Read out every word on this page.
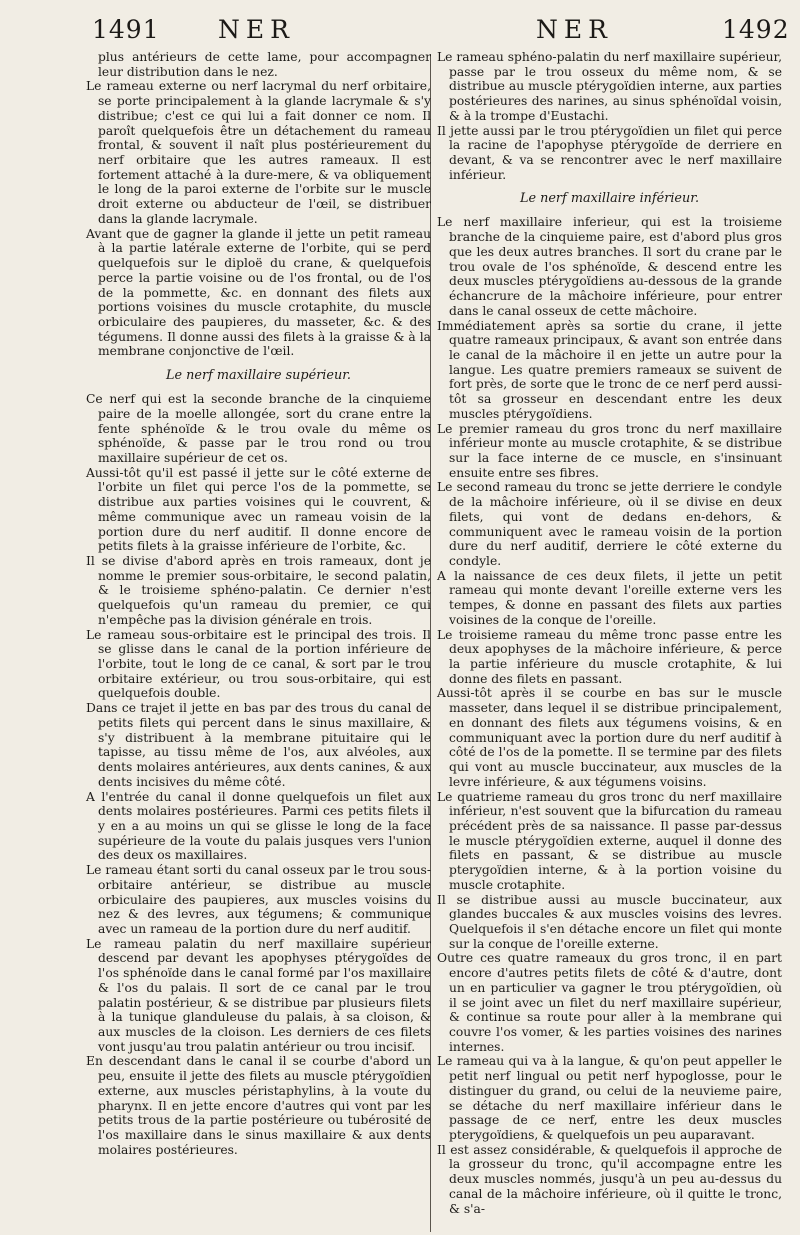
1491 NER	NER	1492

plus antérieurs de cette lame, pour accompagner leur distribution dans le nez.

Le rameau externe ou nerf lacrymal du nerf orbitaire, se porte principalement à la glande lacrymale & s'y distribue; c'est ce qui lui a fait donner ce nom. Il paroît quelquefois être un détachement du rameau frontal, & souvent il naît plus postérieurement du nerf orbitaire que les autres rameaux. Il est fortement attaché à la dure-mere, & va obliquement le long de la paroi externe de l'orbite sur le muscle droit externe ou abducteur de l'œil, se distribuer dans la glande lacrymale.

Avant que de gagner la glande il jette un petit rameau à la partie latérale externe de l'orbite, qui se perd quelquefois sur le diploë du crane, & quelquefois perce la partie voisine ou de l'os frontal, ou de l'os de la pommette, &c. en donnant des filets aux portions voisines du muscle crotaphite, du muscle orbiculaire des paupieres, du masseter, &c. & des tégumens. Il donne aussi des filets à la graisse & à la membrane conjonctive de l'œil.

Le nerf maxillaire supérieur.

Ce nerf qui est la seconde branche de la cinquieme paire de la moelle allongée, sort du crane entre la fente sphénoïde & le trou ovale du même os sphénoïde, & passe par le trou rond ou trou maxillaire supérieur de cet os.

Aussi-tôt qu'il est passé il jette sur le côté externe de l'orbite un filet qui perce l'os de la pommette, se distribue aux parties voisines qui le couvrent, & même communique avec un rameau voisin de la portion dure du nerf auditif. Il donne encore de petits filets à la graisse inférieure de l'orbite, &c.

Il se divise d'abord après en trois rameaux, dont je nomme le premier sous-orbitaire, le second palatin, & le troisieme sphéno-palatin. Ce dernier n'est quelquefois qu'un rameau du premier, ce qui n'empêche pas la division générale en trois.

Le rameau sous-orbitaire est le principal des trois. Il se glisse dans le canal de la portion inférieure de l'orbite, tout le long de ce canal, & sort par le trou orbitaire extérieur, ou trou sous-orbitaire, qui est quelquefois double.

Dans ce trajet il jette en bas par des trous du canal de petits filets qui percent dans le sinus maxillaire, & s'y distribuent à la membrane pituitaire qui le tapisse, au tissu même de l'os, aux alvéoles, aux dents molaires antérieures, aux dents canines, & aux dents incisives du même côté.

A l'entrée du canal il donne quelquefois un filet aux dents molaires postérieures. Parmi ces petits filets il y en a au moins un qui se glisse le long de la face supérieure de la voute du palais jusques vers l'union des deux os maxillaires.

Le rameau étant sorti du canal osseux par le trou sous-orbitaire antérieur, se distribue au muscle orbiculaire des paupieres, aux muscles voisins du nez & des levres, aux tégumens; & communique avec un rameau de la portion dure du nerf auditif.

Le rameau palatin du nerf maxillaire supérieur descend par devant les apophyses ptérygoïdes de l'os sphénoïde dans le canal formé par l'os maxillaire & l'os du palais. Il sort de ce canal par le trou palatin postérieur, & se distribue par plusieurs filets à la tunique glanduleuse du palais, à sa cloison, & aux muscles de la cloison. Les derniers de ces filets vont jusqu'au trou palatin antérieur ou trou incisif.

En descendant dans le canal il se courbe d'abord un peu, ensuite il jette des filets au muscle ptérygoïdien externe, aux muscles péristaphylins, à la voute du pharynx. Il en jette encore d'autres qui vont par les petits trous de la partie postérieure ou tubérosité de l'os maxillaire dans le sinus maxillaire & aux dents molaires postérieures.

Le rameau sphéno-palatin du nerf maxillaire supérieur, passe par le trou osseux du même nom, & se distribue au muscle ptérygoïdien interne, aux parties postérieures des narines, au sinus sphénoïdal voisin, & à la trompe d'Eustachi.

Il jette aussi par le trou ptérygoïdien un filet qui perce la racine de l'apophyse ptérygoïde de derriere en devant, & va se rencontrer avec le nerf maxillaire inférieur.

Le nerf maxillaire inférieur.

Le nerf maxillaire inferieur, qui est la troisieme branche de la cinquieme paire, est d'abord plus gros que les deux autres branches. Il sort du crane par le trou ovale de l'os sphénoïde, & descend entre les deux muscles ptérygoïdiens au-dessous de la grande échancrure de la mâchoire inférieure, pour entrer dans le canal osseux de cette mâchoire.

Immédiatement après sa sortie du crane, il jette quatre rameaux principaux, & avant son entrée dans le canal de la mâchoire il en jette un autre pour la langue. Les quatre premiers rameaux se suivent de fort près, de sorte que le tronc de ce nerf perd aussi-tôt sa grosseur en descendant entre les deux muscles ptérygoïdiens.

Le premier rameau du gros tronc du nerf maxillaire inférieur monte au muscle crotaphite, & se distribue sur la face interne de ce muscle, en s'insinuant ensuite entre ses fibres.

Le second rameau du tronc se jette derriere le condyle de la mâchoire inférieure, où il se divise en deux filets, qui vont de dedans en-dehors, & communiquent avec le rameau voisin de la portion dure du nerf auditif, derriere le côté externe du condyle.

A la naissance de ces deux filets, il jette un petit rameau qui monte devant l'oreille externe vers les tempes, & donne en passant des filets aux parties voisines de la conque de l'oreille.

Le troisieme rameau du même tronc passe entre les deux apophyses de la mâchoire inférieure, & perce la partie inférieure du muscle crotaphite, & lui donne des filets en passant.

Aussi-tôt après il se courbe en bas sur le muscle masseter, dans lequel il se distribue principalement, en donnant des filets aux tégumens voisins, & en communiquant avec la portion dure du nerf auditif à côté de l'os de la pomette. Il se termine par des filets qui vont au muscle buccinateur, aux muscles de la levre inférieure, & aux tégumens voisins.

Le quatrieme rameau du gros tronc du nerf maxillaire inférieur, n'est souvent que la bifurcation du rameau précédent près de sa naissance. Il passe par-dessus le muscle ptérygoïdien externe, auquel il donne des filets en passant, & se distribue au muscle pterygoïdien interne, & à la portion voisine du muscle crotaphite.

Il se distribue aussi au muscle buccinateur, aux glandes buccales & aux muscles voisins des levres. Quelquefois il s'en détache encore un filet qui monte sur la conque de l'oreille externe.

Outre ces quatre rameaux du gros tronc, il en part encore d'autres petits filets de côté & d'autre, dont un en particulier va gagner le trou ptérygoïdien, où il se joint avec un filet du nerf maxillaire supérieur, & continue sa route pour aller à la membrane qui couvre l'os vomer, & les parties voisines des narines internes.

Le rameau qui va à la langue, & qu'on peut appeller le petit nerf lingual ou petit nerf hypoglosse, pour le distinguer du grand, ou celui de la neuvieme paire, se détache du nerf maxillaire inférieur dans le passage de ce nerf, entre les deux muscles pterygoïdiens, & quelquefois un peu auparavant.

Il est assez considérable, & quelquefois il approche de la grosseur du tronc, qu'il accompagne entre les deux muscles nommés, jusqu'à un peu au-dessus du canal de la mâchoire inférieure, où il quitte le tronc, & s'a-
